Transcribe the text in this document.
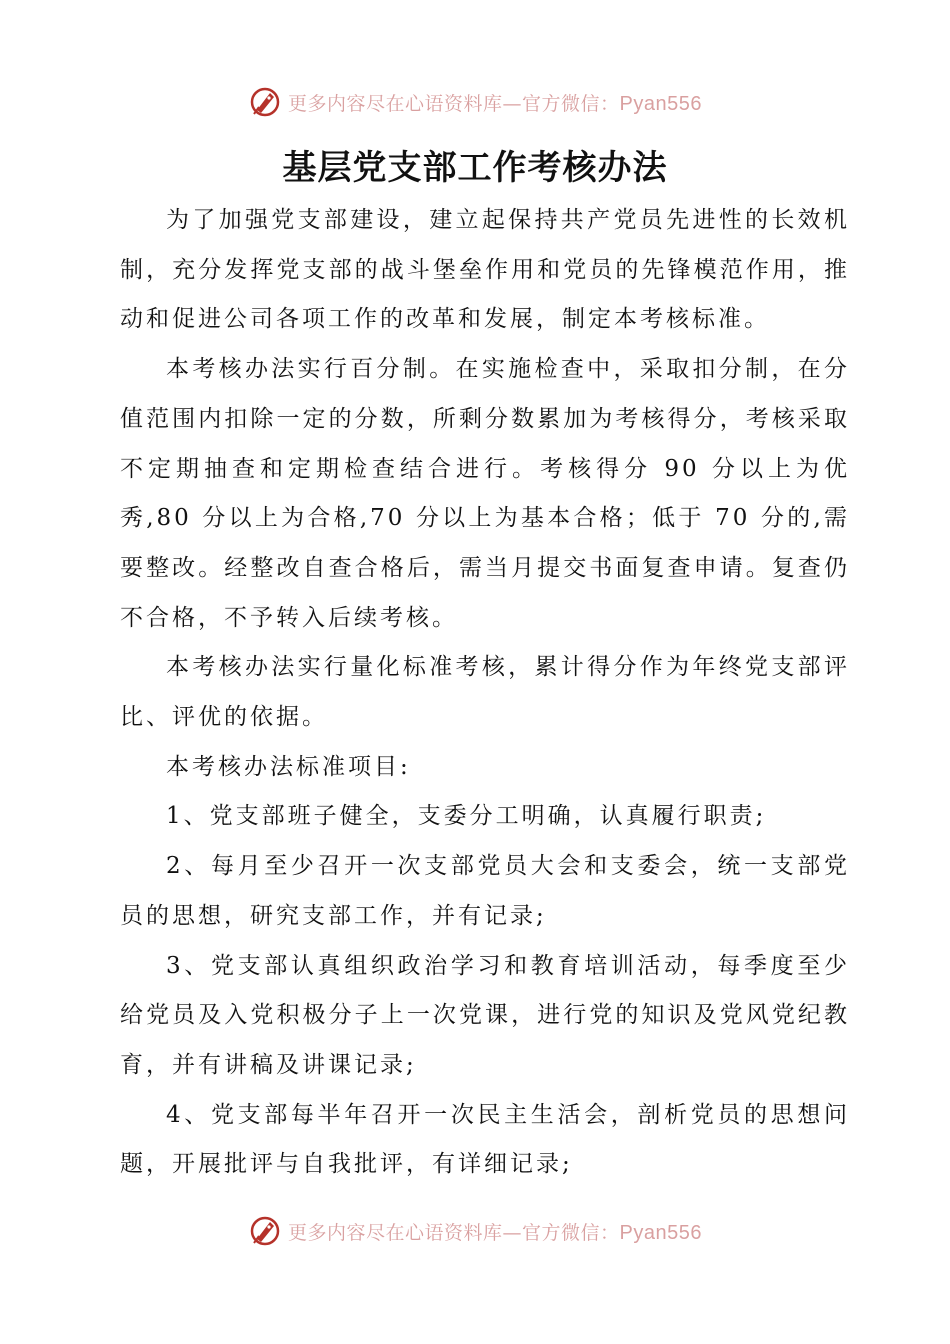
更多内容尽在心语资料库—官方微信：Pyan556
基层党支部工作考核办法

为了加强党支部建设，建立起保持共产党员先进性的长效机制，充分发挥党支部的战斗堡垒作用和党员的先锋模范作用，推动和促进公司各项工作的改革和发展，制定本考核标准。

本考核办法实行百分制。在实施检查中，采取扣分制，在分值范围内扣除一定的分数，所剩分数累加为考核得分，考核采取不定期抽查和定期检查结合进行。考核得分 90 分以上为优秀,80 分以上为合格,70 分以上为基本合格；低于 70 分的,需要整改。经整改自查合格后，需当月提交书面复查申请。复查仍不合格，不予转入后续考核。

本考核办法实行量化标准考核，累计得分作为年终党支部评比、评优的依据。

本考核办法标准项目:

1、党支部班子健全，支委分工明确，认真履行职责;

2、每月至少召开一次支部党员大会和支委会，统一支部党员的思想，研究支部工作，并有记录;

3、党支部认真组织政治学习和教育培训活动，每季度至少给党员及入党积极分子上一次党课，进行党的知识及党风党纪教育，并有讲稿及讲课记录;

4、党支部每半年召开一次民主生活会，剖析党员的思想问题，开展批评与自我批评，有详细记录;

更多内容尽在心语资料库—官方微信：Pyan556
